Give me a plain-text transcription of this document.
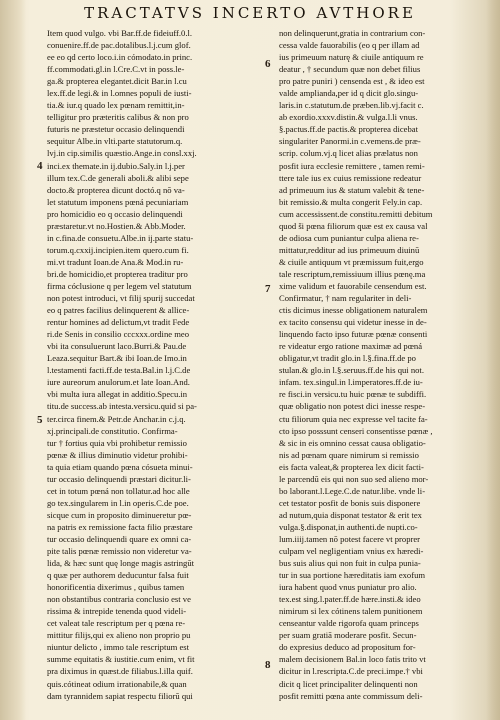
TRACTATVS INCERTO AVTHORE
4
5
6
7
8
Item quod vulgo. vbi Bar.ff.de fideiuff.0.l.
conuenire.ff.de pac.dotalibus.l.j.cum glof.
ee eo qd certo loco.i.in cómodato.in princ.
ff.commodati.gl.in l.Cre.C.vt in poss.le-
ga.& propterea elegantet.dicit Bar.in l.cu
lex.ff.de legi.& in l.omnes populi de iusti-
tia.& iur.q quado lex pœnam remittit,in-
telligitur pro præteritis calibus & non pro
futuris ne præstetur occasio delinquendi
sequitur Albe.in vlti.parte statutorum.q.
lvj.in cip.similis quæstio.Ange.in consl.xxj.
inci.ex themate.in ij.dubio.Saly.in l.j.per
illum tex.C.de generali aboli.& alibi sepe
docto.& propterea dicunt doctó.q nō va-
let statutum imponens pœná pecuniariam
pro homicidio eo q occasio delinquendi
præstaretur.vt no.Hostien.& Abb.Moder.
in c.fina.de consuetu.Albe.in ij.parte statu-
torum.q.cxxij.incipien.item quero.cum fi.
mi.vt tradunt Ioan.de Ana.& Mod.in ru-
bri.de homicidio,et propterea traditur pro
firma cóclusione q per legem vel statutum
non potest introduci, vt filij spurij succedat
eo q patres facilius delinquerent & allice-
rentur homines ad delictum,vt tradit Fede
ri.de Senis in consilio cccxxx.ordine meo
vbi ita consuluerunt laco.Burri.& Pau.de
Leaza.sequitur Bart.& ibi Ioan.de Imo.in
l.testamenti facti.ff.de testa.Bal.in l.j.C.de
iure aureorum anulorum.et late Ioan.And.
vbi multa iura allegat in additio.Specu.in
titu.de success.ab intesta.versicu.quid si pa-
ter.circa finem.& Petr.de Anchar.in c.j.q.
xj.principali.de constitutio. Confirma-
tur † fortius quia vbi prohibetur remissio
pœnæ & illius diminutio videtur prohibi-
ta quia etiam quando pœna cósueta minui-
tur occasio delinquendi præstari dicitur.li-
cet in totum pœná non tollatur.ad hoc alle
go tex.singularem in l.in operis.C.de poe.
sicque cum in proposito diminueretur pœ-
na patris ex remissione facta filio præstare
tur occasio delinquendi quare ex omni ca-
pite talis pœnæ remissio non videretur va-
lida, & hæc sunt quę longe magis astringūt
q quæ per authorem deducuntur falsa fuit
honorificentia dixerimus , quibus tamen
non obstantibus contraria conclusio est ve
rissima & intrepide tenenda quod videli-
cet valeat tale rescriptum per q pœna re-
mittitur filijs,qui ex alieno non proprio pu
niuntur delicto , immo tale rescriptum est
summe equitatis & iustitie.cum enim, vt fit
pra diximus in quæst.de filiabus.l.illa quif.
quis.cótineat odium irrationabile,& quan
dam tyrannidem sapiat respectu filiorū qui
non delinquerunt,gratia in contrarium con-
cessa valde fauorabilis (eo q per illam ad
ius primeuum naturę & ciuile antiquum re
deatur , † secundum quæ non debet filius
pro patre puniri ) censenda est , & ideo est
valde amplianda,per id q dicit glo.singu-
laris.in c.statutum.de præben.lib.vj.facit c.
ab exordio.xxxv.distin.& vulga.l.li vnus.
§.pactus.ff.de pactis.& propterea dicebat
singulariter Panormi.in c.vemens.de præ-
scrip. colum.vj.q licet alias prælatus non
posfit iura ecclesie remittere , tamen remi-
ttere tale ius ex cuius remissione redeatur
ad primeuum ius & statum valebit & tene-
bit remissio.& multa congerit Fely.in cap.
cum accessissent.de constitu.remitti debitum
quod ši pœna filiorum quæ est ex causa val
de odiosa cum puniantur culpa aliena re-
mittatur,redditur ad ius primeuum diuinū
& ciuile antiquum vt præmissum fuit,ergo
tale rescriptum,remissiuum illius pœnę.ma
xime validum et fauorabile censendum est.
Confirmatur, † nam regulariter in deli-
ctis dicimus inesse obligationem naturalem
ex tacito consensu qui videtur inesse in de-
linquendo facto ipso futuræ pœnæ consenti
re videatur ergo ratione maximæ ad pœná
obligatur,vt tradit glo.in l.§.fina.ff.de po
stulan.& glo.in l.§.seruus.ff.de his qui not.
infam. tex.singul.in l.imperatores.ff.de iu-
re fisci.in versicu.tu huic pœnæ te subdiffi.
quæ obligatio non potest dici inesse respe-
ctu filiorum quia nec expresse vel tacite fa-
cto ipso posssunt censeri consentisse pœnæ ,
& sic in eis omnino cessat causa obligatio-
nis ad pœnam quare nimirum si remissio
eis facta valeat,& propterea lex dicit facti-
le parcendū eis qui non suo sed alieno mor-
bo laborant.l.Lege.C.de natur.libe. vnde li-
cet testator posfit de bonis suis disponere
ad nutum,quia disponat testator & erit tex
vulga.§.disponat,in authenti.de nupti.co-
lum.iiij.tamen nō potest facere vt proprer
culpam vel negligentiam vnius ex hæredi-
bus suis alius qui non fuit in culpa punia-
tur in sua portione hæreditatis iam exofum
iura habent quod vnus puniatur pro alio.
tex.est sing.l.pater.ff.de hære.insti.& ideo
nimirum si lex cótinens talem punitionem
censeantur valde rigorofa quam princeps
per suam gratiā moderare posfit. Secun-
do expresius deduco ad propositum for-
malem decisionem Bal.in loco fatis trito vt
dicitur in l.rescripta.C.de preci.impe.† vbi
dicit q licet principaliter delinquenti non
posfit remitti pœna ante commissum deli-
